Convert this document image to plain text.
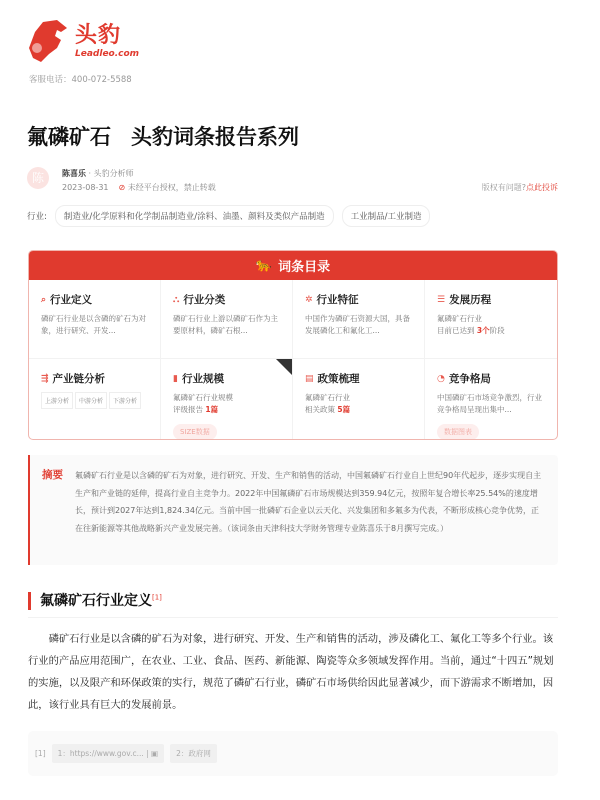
头豹
Leadleo.com
客服电话：400-072-5588
氟磷矿石 头豹词条报告系列
陈	陈喜乐 · 头豹分析师
2023-08-31 ⊘ 未经平台授权，禁止转载	版权有问题?点此投诉
行业:	制造业/化学原料和化学制品制造业/涂料、油墨、颜料及类似产品制造	工业制品/工业制造
🐆 词条目录
⌕ 行业定义
磷矿石行业是以含磷的矿石为对象，进行研究、开发...
⛬ 行业分类
磷矿石行业上游以磷矿石作为主要原材料，磷矿石根...
✲ 行业特征
中国作为磷矿石资源大国，具备发展磷化工和氟化工...
☰ 发展历程
氟磷矿石行业
目前已达到 3个阶段
⇶ 产业链分析
上游分析	中游分析	下游分析
▮ 行业规模
氟磷矿石行业规模
评级报告 1篇
SIZE数据
▤ 政策梳理
氟磷矿石行业
相关政策 5篇
◔ 竞争格局
中国磷矿石市场竞争激烈，行业竞争格局呈现出集中...
数据图表
摘要 氟磷矿石行业是以含磷的矿石为对象，进行研究、开发、生产和销售的活动，中国氟磷矿石行业自上世纪90年代起步，逐步实现自主生产和产业链的延伸，提高行业自主竞争力。2022年中国氟磷矿石市场规模达到359.94亿元，按照年复合增长率25.54%的速度增长，预计到2027年达到1,824.34亿元。当前中国一批磷矿石企业以云天化、兴发集团和多氟多为代表，不断形成核心竞争优势，正在往新能源等其他战略新兴产业发展完善。（该词条由天津科技大学财务管理专业陈喜乐于8月撰写完成。）
氟磷矿石行业定义[1]

磷矿石行业是以含磷的矿石为对象，进行研究、开发、生产和销售的活动，涉及磷化工、氟化工等多个行业。该行业的产品应用范围广，在农业、工业、食品、医药、新能源、陶瓷等众多领域发挥作用。当前，通过“十四五”规划的实施，以及限产和环保政策的实行，规范了磷矿石行业，磷矿石市场供给因此显著减少，而下游需求不断增加，因此，该行业具有巨大的发展前景。

[1]	1：https://www.gov.c... | ▣	2：政府网
